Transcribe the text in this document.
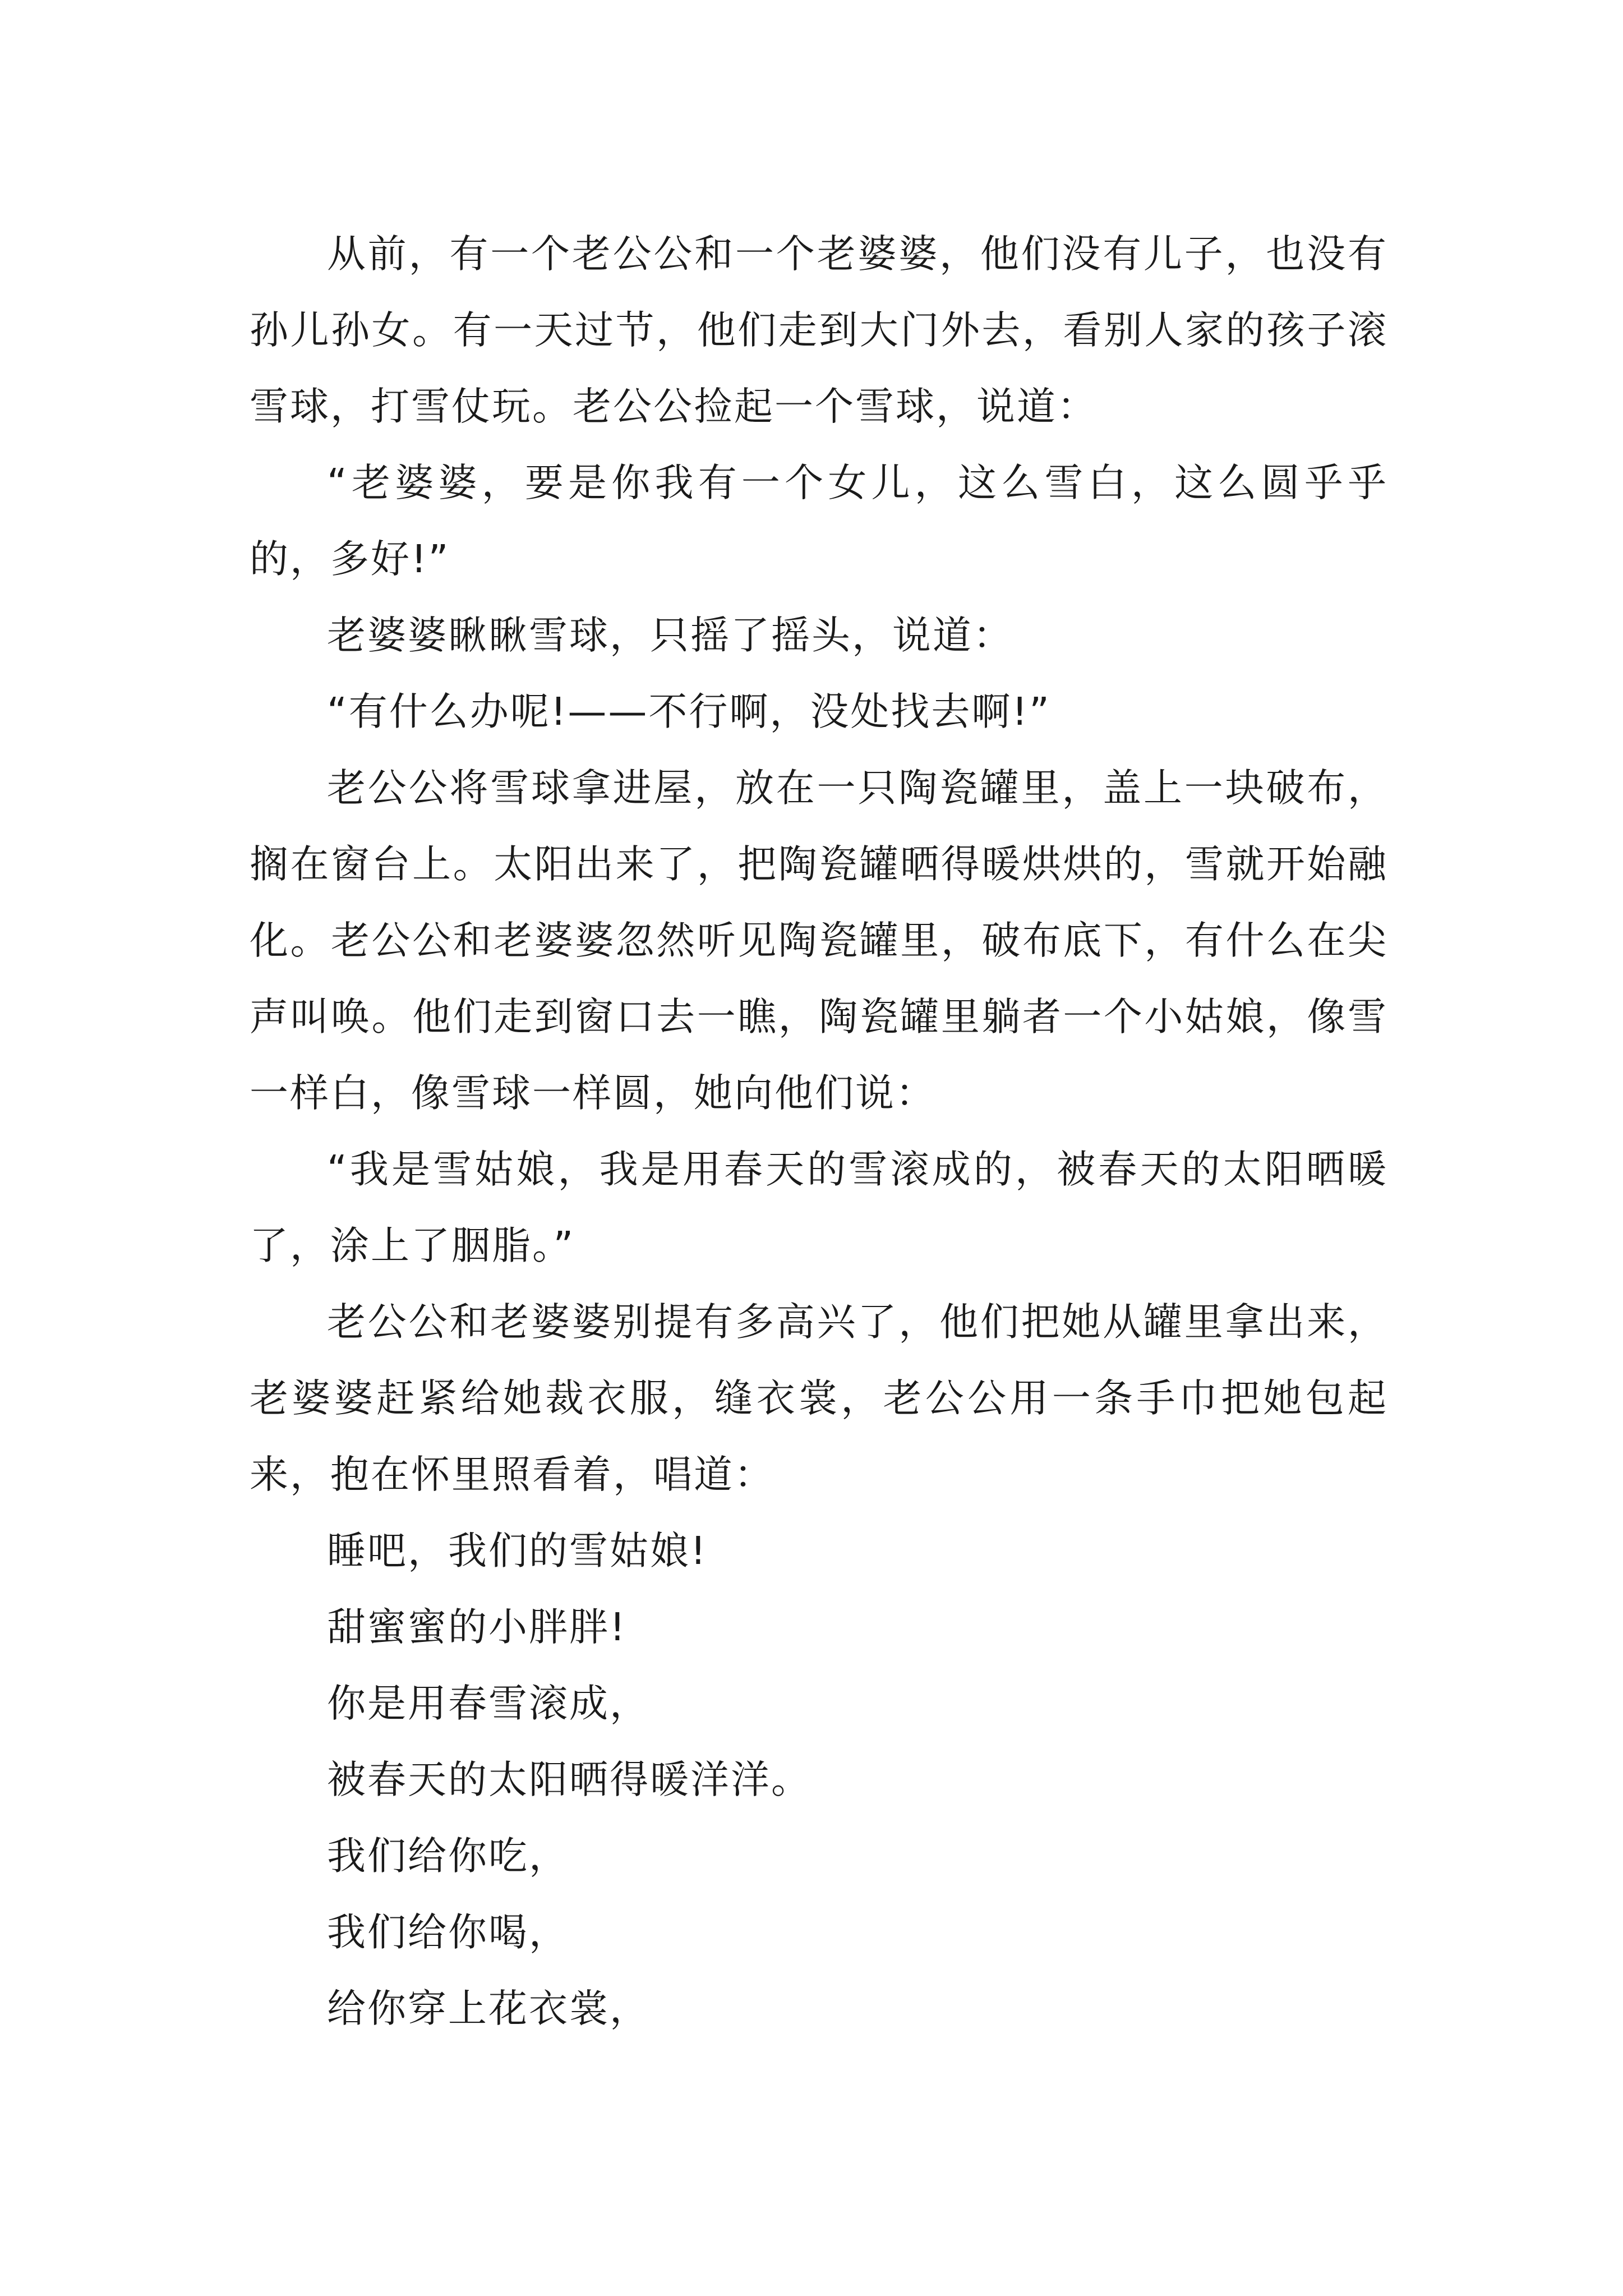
从前，有一个老公公和一个老婆婆，他们没有儿子，也没有孙儿孙女。有一天过节，他们走到大门外去，看别人家的孩子滚雪球，打雪仗玩。老公公捡起一个雪球，说道：

“老婆婆，要是你我有一个女儿，这么雪白，这么圆乎乎的，多好!”

老婆婆瞅瞅雪球，只摇了摇头，说道：

“有什么办呢!——不行啊，没处找去啊!”

老公公将雪球拿进屋，放在一只陶瓷罐里，盖上一块破布，搁在窗台上。太阳出来了，把陶瓷罐晒得暖烘烘的，雪就开始融化。老公公和老婆婆忽然听见陶瓷罐里，破布底下，有什么在尖声叫唤。他们走到窗口去一瞧，陶瓷罐里躺者一个小姑娘，像雪一样白，像雪球一样圆，她向他们说：

“我是雪姑娘，我是用春天的雪滚成的，被春天的太阳晒暖了，涂上了胭脂。”

老公公和老婆婆别提有多高兴了，他们把她从罐里拿出来，老婆婆赶紧给她裁衣服，缝衣裳，老公公用一条手巾把她包起来，抱在怀里照看着，唱道：

睡吧，我们的雪姑娘!

甜蜜蜜的小胖胖!

你是用春雪滚成，

被春天的太阳晒得暖洋洋。

我们给你吃，

我们给你喝，

给你穿上花衣裳，
